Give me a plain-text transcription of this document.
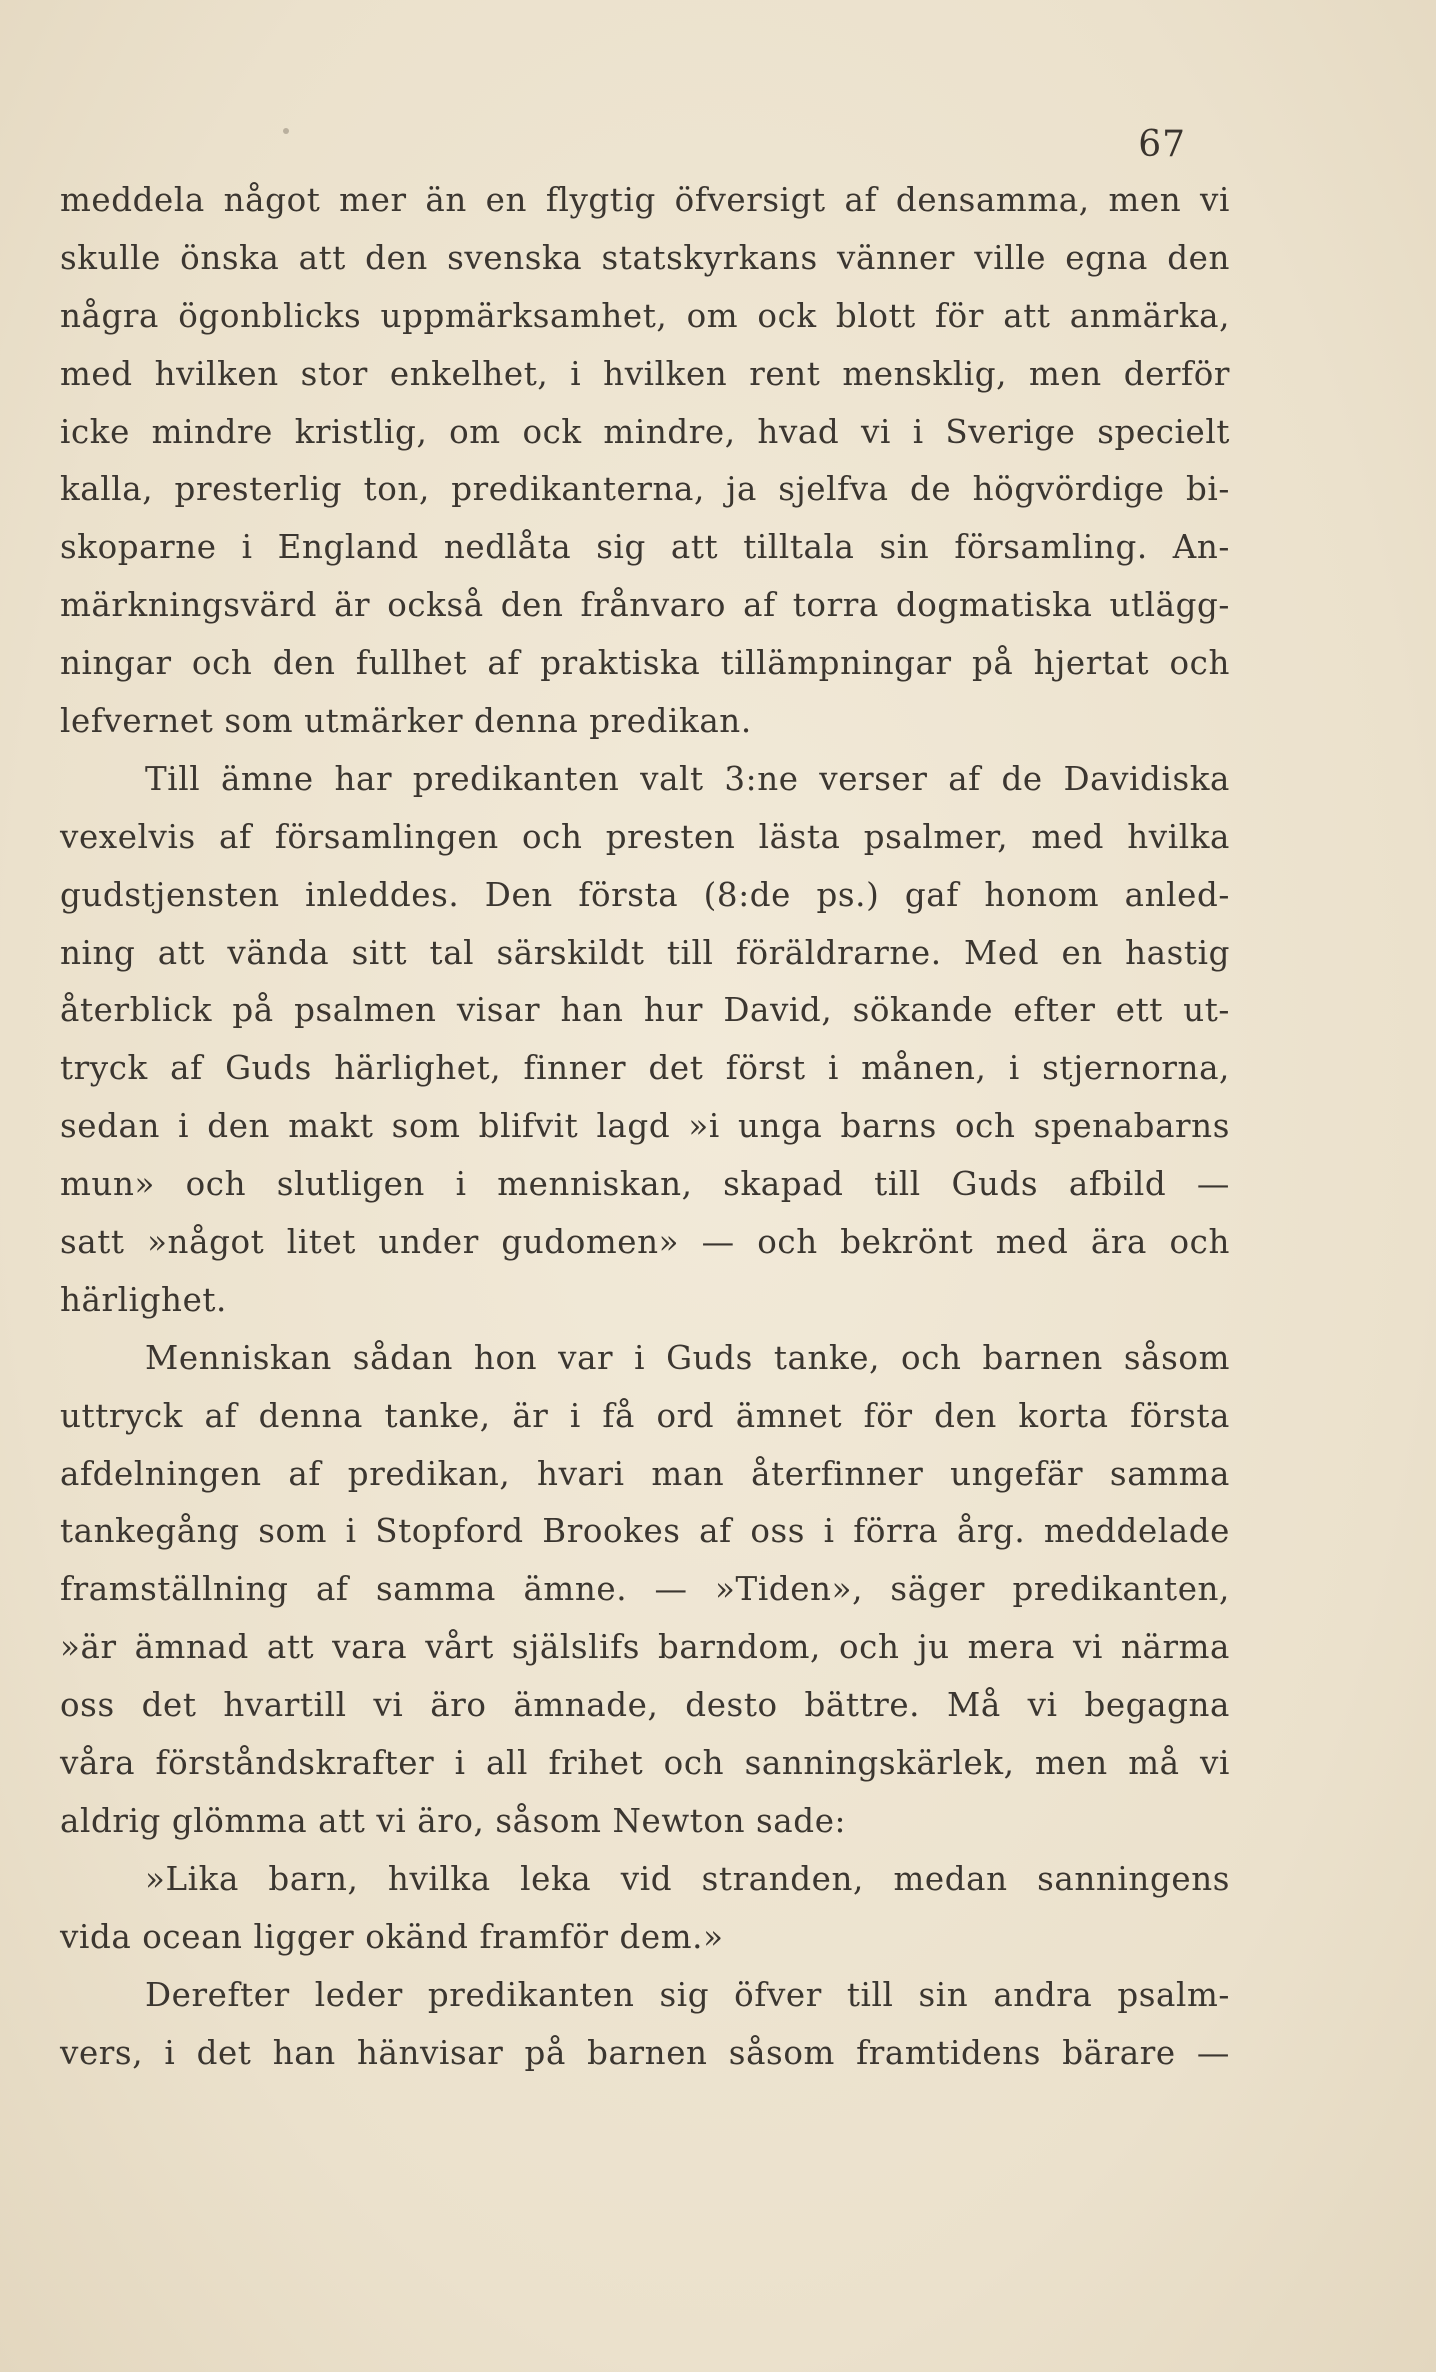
67
meddela något mer än en flygtig öfversigt af densamma, men vi
skulle önska att den svenska statskyrkans vänner ville egna den
några ögonblicks uppmärksamhet, om ock blott för att anmärka,
med hvilken stor enkelhet, i hvilken rent mensklig, men derför
icke mindre kristlig, om ock mindre, hvad vi i Sverige specielt
kalla, presterlig ton, predikanterna, ja sjelfva de högvördige bi-
skoparne i England nedlåta sig att tilltala sin församling. An-
märkningsvärd är också den frånvaro af torra dogmatiska utlägg-
ningar och den fullhet af praktiska tillämpningar på hjertat och
lefvernet som utmärker denna predikan.
Till ämne har predikanten valt 3:ne verser af de Davidiska
vexelvis af församlingen och presten lästa psalmer, med hvilka
gudstjensten inleddes. Den första (8:de ps.) gaf honom anled-
ning att vända sitt tal särskildt till föräldrarne. Med en hastig
återblick på psalmen visar han hur David, sökande efter ett ut-
tryck af Guds härlighet, finner det först i månen, i stjernorna,
sedan i den makt som blifvit lagd »i unga barns och spenabarns
mun» och slutligen i menniskan, skapad till Guds afbild —
satt »något litet under gudomen» — och bekrönt med ära och
härlighet.
Menniskan sådan hon var i Guds tanke, och barnen såsom
uttryck af denna tanke, är i få ord ämnet för den korta första
afdelningen af predikan, hvari man återfinner ungefär samma
tankegång som i Stopford Brookes af oss i förra årg. meddelade
framställning af samma ämne. — »Tiden», säger predikanten,
»är ämnad att vara vårt själslifs barndom, och ju mera vi närma
oss det hvartill vi äro ämnade, desto bättre. Må vi begagna
våra förståndskrafter i all frihet och sanningskärlek, men må vi
aldrig glömma att vi äro, såsom Newton sade:
»Lika barn, hvilka leka vid stranden, medan sanningens
vida ocean ligger okänd framför dem.»
Derefter leder predikanten sig öfver till sin andra psalm-
vers, i det han hänvisar på barnen såsom framtidens bärare —
